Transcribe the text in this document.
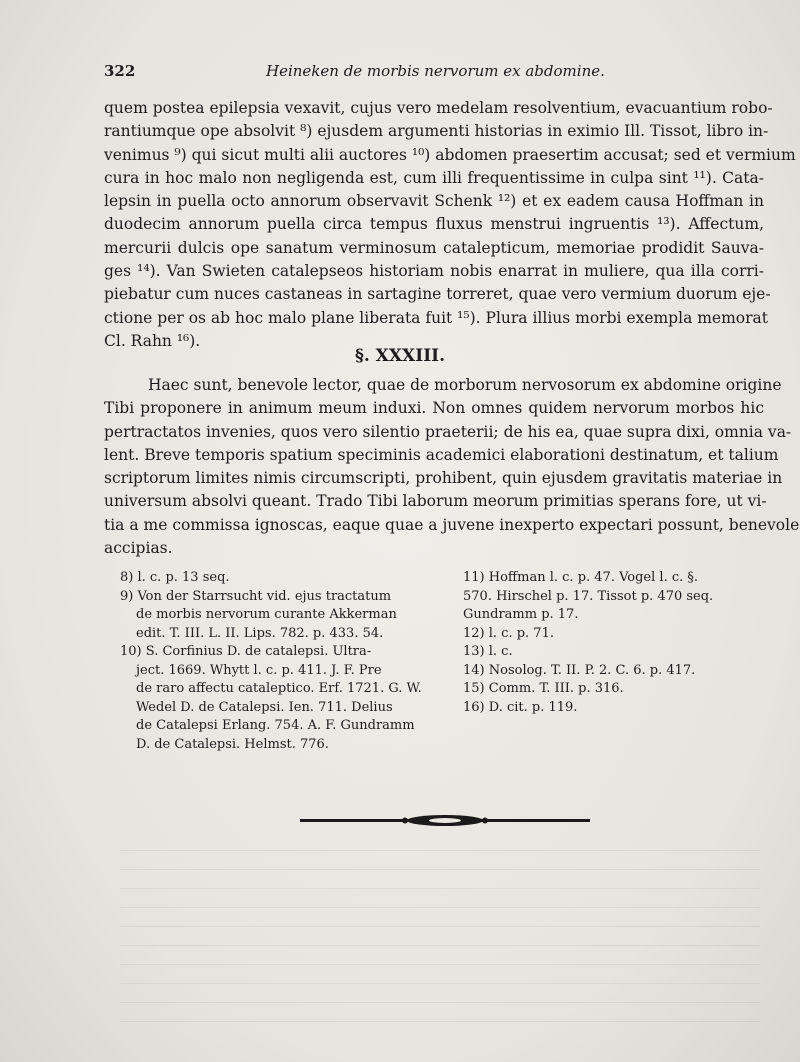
322	Heineken de morbis nervorum ex abdomine.
quem postea epilepsia vexavit, cujus vero medelam resolventium, evacuantium robo-
rantiumque ope absolvit ⁸) ejusdem argumenti historias in eximio Ill. Tissot, libro in-
venimus ⁹) qui sicut multi alii auctores ¹⁰) abdomen praesertim accusat; sed et vermium
cura in hoc malo non negligenda est, cum illi frequentissime in culpa sint ¹¹). Cata-
lepsin in puella octo annorum observavit Schenk ¹²) et ex eadem causa Hoffman in
duodecim annorum puella circa tempus fluxus menstrui ingruentis ¹³). Affectum,
mercurii dulcis ope sanatum verminosum catalepticum, memoriae prodidit Sauva-
ges ¹⁴). Van Swieten catalepseos historiam nobis enarrat in muliere, qua illa corri-
piebatur cum nuces castaneas in sartagine torreret, quae vero vermium duorum eje-
ctione per os ab hoc malo plane liberata fuit ¹⁵). Plura illius morbi exempla memorat
Cl. Rahn ¹⁶).
§. XXXIII.
Haec sunt, benevole lector, quae de morborum nervosorum ex abdomine origine
Tibi proponere in animum meum induxi. Non omnes quidem nervorum morbos hic
pertractatos invenies, quos vero silentio praeterii; de his ea, quae supra dixi, omnia va-
lent. Breve temporis spatium speciminis academici elaborationi destinatum, et talium
scriptorum limites nimis circumscripti, prohibent, quin ejusdem gravitatis materiae in
universum absolvi queant. Trado Tibi laborum meorum primitias sperans fore, ut vi-
tia a me commissa ignoscas, eaque quae a juvene inexperto expectari possunt, benevole
accipias.
8) l. c. p. 13 seq.
9) Von der Starrsucht vid. ejus tractatum
de morbis nervorum curante Akkerman
edit. T. III. L. II. Lips. 782. p. 433. 54.
10) S. Corfinius D. de catalepsi. Ultra-
ject. 1669. Whytt l. c. p. 411. J. F. Pre
de raro affectu cataleptico. Erf. 1721. G. W.
Wedel D. de Catalepsi. Ien. 711. Delius
de Catalepsi Erlang. 754. A. F. Gundramm
D. de Catalepsi. Helmst. 776.
11) Hoffman l. c. p. 47. Vogel l. c. §.
570. Hirschel p. 17. Tissot p. 470 seq.
Gundramm p. 17.
12) l. c. p. 71.
13) l. c.
14) Nosolog. T. II. P. 2. C. 6. p. 417.
15) Comm. T. III. p. 316.
16) D. cit. p. 119.
